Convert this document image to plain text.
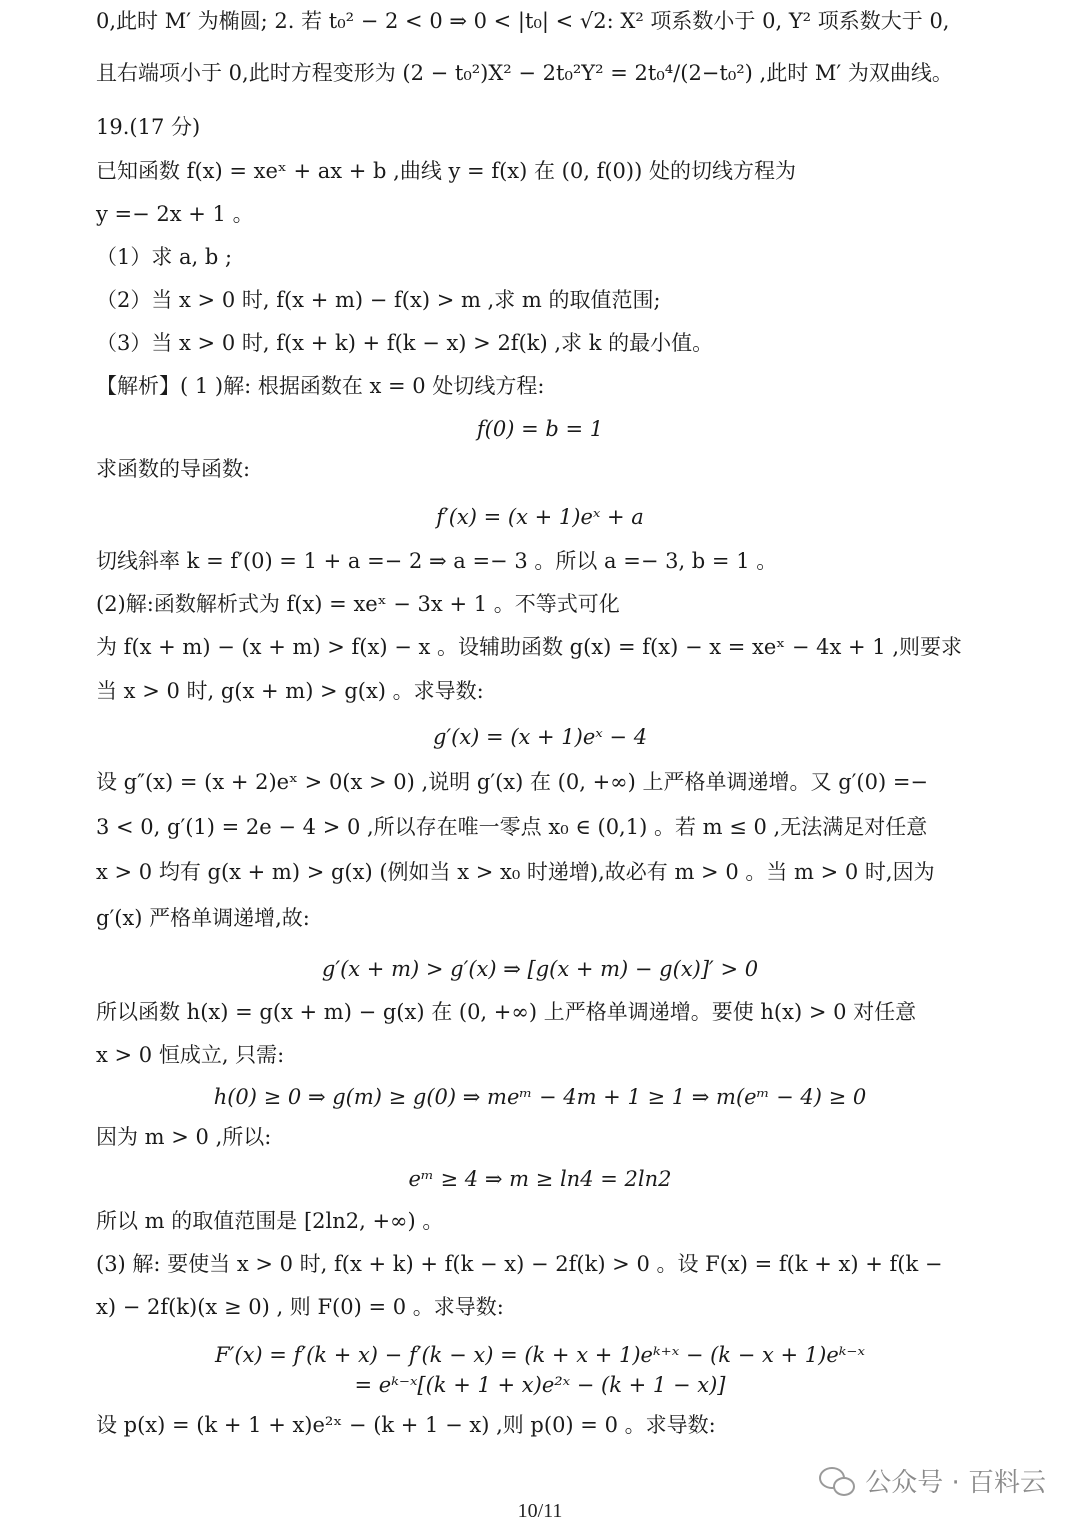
0,此时 M′ 为椭圆; 2. 若 t₀² − 2 < 0 ⇒ 0 < |t₀| < √2: X² 项系数小于 0, Y² 项系数大于 0,
且右端项小于 0,此时方程变形为 (2 − t₀²)X² − 2t₀²Y² = 2t₀⁴/(2−t₀²) ,此时 M′ 为双曲线。
19.(17 分)
已知函数 f(x) = xeˣ + ax + b ,曲线 y = f(x) 在 (0, f(0)) 处的切线方程为
y =− 2x + 1 。
（1）求 a, b ;
（2）当 x > 0 时, f(x + m) − f(x) > m ,求 m 的取值范围;
（3）当 x > 0 时, f(x + k) + f(k − x) > 2f(k) ,求 k 的最小值。
【解析】( 1 )解: 根据函数在 x = 0 处切线方程:
f(0) = b = 1
求函数的导函数:
f′(x) = (x + 1)eˣ + a
切线斜率 k = f′(0) = 1 + a =− 2 ⇒ a =− 3 。所以 a =− 3, b = 1 。
(2)解:函数解析式为 f(x) = xeˣ − 3x + 1 。不等式可化
为 f(x + m) − (x + m) > f(x) − x 。设辅助函数 g(x) = f(x) − x = xeˣ − 4x + 1 ,则要求
当 x > 0 时, g(x + m) > g(x) 。求导数:
g′(x) = (x + 1)eˣ − 4
设 g″(x) = (x + 2)eˣ > 0(x > 0) ,说明 g′(x) 在 (0, +∞) 上严格单调递增。又 g′(0) =−
3 < 0, g′(1) = 2e − 4 > 0 ,所以存在唯一零点 x₀ ∈ (0,1) 。若 m ≤ 0 ,无法满足对任意
x > 0 均有 g(x + m) > g(x) (例如当 x > x₀ 时递增),故必有 m > 0 。当 m > 0 时,因为
g′(x) 严格单调递增,故:
g′(x + m) > g′(x) ⇒ [g(x + m) − g(x)]′ > 0
所以函数 h(x) = g(x + m) − g(x) 在 (0, +∞) 上严格单调递增。要使 h(x) > 0 对任意
x > 0 恒成立, 只需:
h(0) ≥ 0 ⇒ g(m) ≥ g(0) ⇒ meᵐ − 4m + 1 ≥ 1 ⇒ m(eᵐ − 4) ≥ 0
因为 m > 0 ,所以:
eᵐ ≥ 4 ⇒ m ≥ ln4 = 2ln2
所以 m 的取值范围是 [2ln2, +∞) 。
(3) 解: 要使当 x > 0 时, f(x + k) + f(k − x) − 2f(k) > 0 。设 F(x) = f(k + x) + f(k −
x) − 2f(k)(x ≥ 0) , 则 F(0) = 0 。求导数:
F′(x) = f′(k + x) − f′(k − x) = (k + x + 1)eᵏ⁺ˣ − (k − x + 1)eᵏ⁻ˣ
= eᵏ⁻ˣ[(k + 1 + x)e²ˣ − (k + 1 − x)]
设 p(x) = (k + 1 + x)e²ˣ − (k + 1 − x) ,则 p(0) = 0 。求导数:
公众号 · 百料云
10/11
